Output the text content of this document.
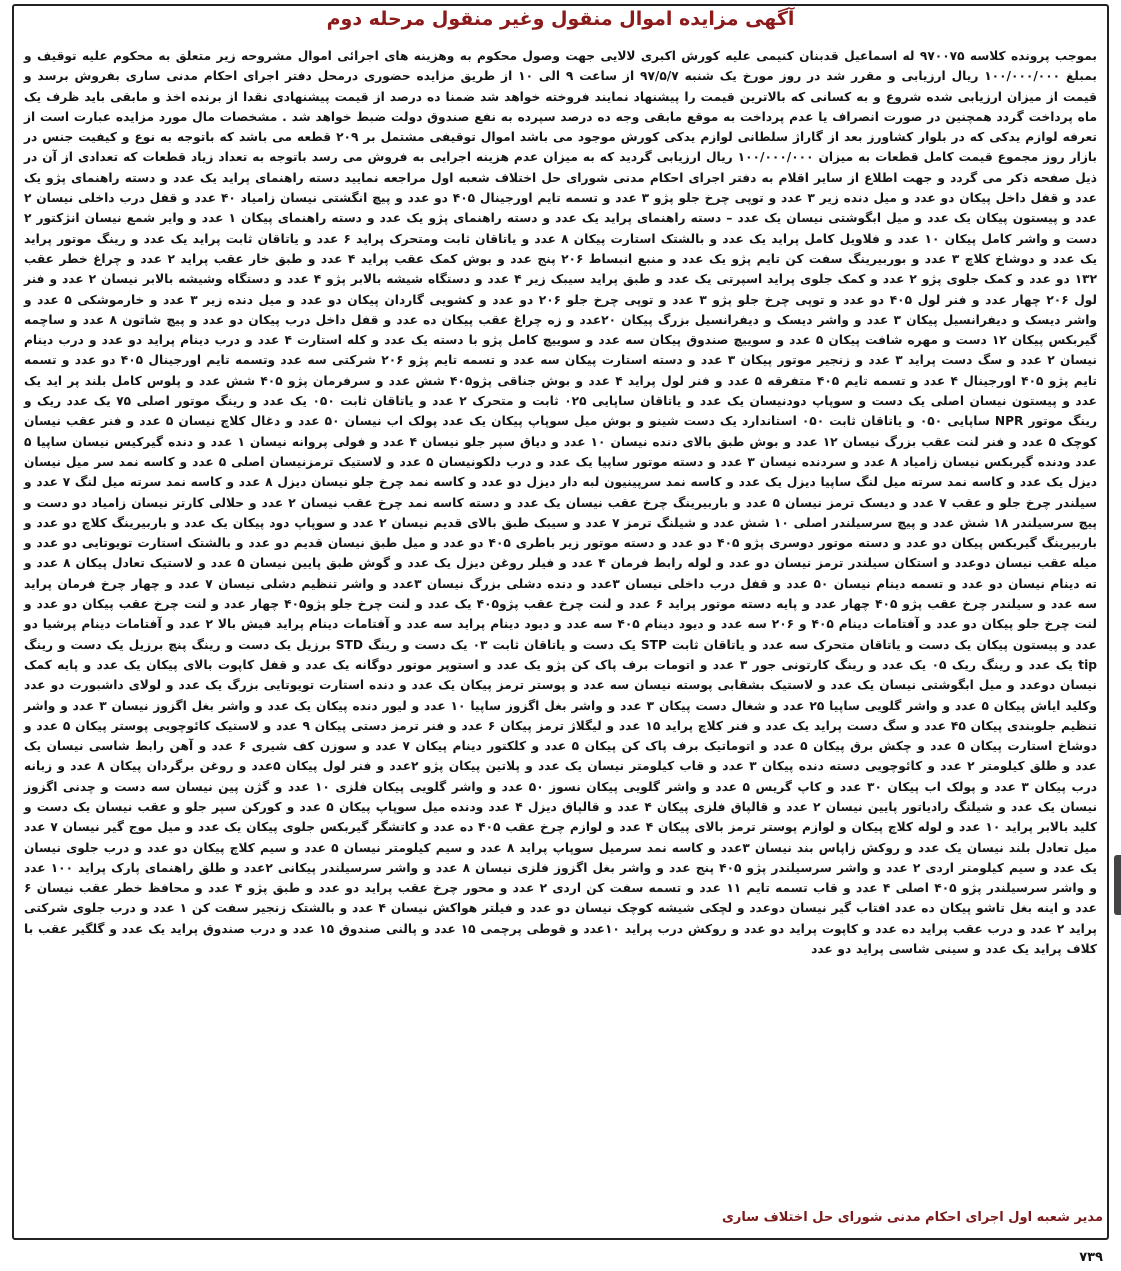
آگهی مزایده اموال منقول وغیر منقول مرحله دوم
بموجب پرونده کلاسه ۹۷۰۰۷۵ له اسماعیل قدبنان کنیمی علیه کورش اکبری لالایی جهت وصول محکوم به وهزینه های اجرائی اموال مشروحه زیر متعلق به محکوم علیه توقیف و بمبلغ ۱۰۰/۰۰۰/۰۰۰ ریال ارزیابی و مقرر شد در روز مورخ یک شنبه ۹۷/۵/۷ از ساعت ۹ الی ۱۰ از طریق مزایده حضوری درمحل دفتر اجرای احکام مدنی ساری بفروش برسد و قیمت از میزان ارزیابی شده شروع و به کسانی که بالاترین قیمت را پیشنهاد نمایند فروخته خواهد شد ضمنا ده درصد از قیمت پیشنهادی نقدا از برنده اخذ و مابقی باید ظرف یک ماه پرداخت گردد همچنین در صورت انصراف یا عدم پرداخت به موقع مابقی وجه ده درصد سپرده به نفع صندوق دولت ضبط خواهد شد . مشخصات مال مورد مزایده عبارت است از تعرفه لوازم یدکی که در بلوار کشاورز بعد از گاراژ سلطانی لوازم یدکی کورش موجود می باشد اموال توقیفی مشتمل بر ۲۰۹ قطعه می باشد که باتوجه به نوع و کیفیت جنس در بازار روز مجموع قیمت کامل قطعات به میزان ۱۰۰/۰۰۰/۰۰۰ ریال ارزیابی گردید که به میزان عدم هزینه اجرایی به فروش می رسد باتوجه به تعداد زیاد قطعات که تعدادی از آن در ذیل صفحه ذکر می گردد و جهت اطلاع از سایر اقلام به دفتر اجرای احکام مدنی شورای حل اختلاف شعبه اول مراجعه نمایید دسته راهنمای پراید یک عدد و دسته راهنمای پژو یک عدد و قفل داخل پیکان دو عدد و میل دنده زیر ۳ عدد و توپی چرخ جلو پژو ۳ عدد و تسمه تایم اورجینال ۴۰۵ دو عدد و پیچ انگشتی نیسان زامیاد ۴۰ عدد و قفل درب داخلی نیسان ۲ عدد و پیستون پیکان یک عدد و میل ابگوشتی نیسان یک عدد – دسته راهنمای پراید یک عدد و دسته راهنمای پژو یک عدد و دسته راهنمای پیکان ۱ عدد و وایر شمع نیسان انژکتور ۲ دست و واشر کامل پیکان ۱۰ عدد و فلاویل کامل پراید یک عدد و بالشتک استارت پیکان ۸ عدد و یاتاقان ثابت ومتحرک پراید ۶ عدد و یاتاقان ثابت پراید یک عدد و رینگ موتور پراید یک عدد و دوشاخ کلاچ ۳ عدد و بوربیرینگ سفت کن تایم پژو یک عدد و منبع انبساط ۲۰۶ پنج عدد و بوش کمک عقب پراید ۴ عدد و طبق خار عقب پراید ۲ عدد و چراغ خطر عقب ۱۳۲ دو عدد و کمک جلوی پژو ۲ عدد و کمک جلوی پراید اسپرتی یک عدد و طبق پراید سیبک زیر ۴ عدد و دستگاه شیشه بالابر پژو ۴ عدد و دستگاه وشیشه بالابر نیسان ۲ عدد و فنر لول ۲۰۶ چهار عدد و فنر لول ۴۰۵ دو عدد و توپی چرخ جلو پژو ۳ عدد و توپی چرخ جلو ۲۰۶ دو عدد و کشویی گاردان پیکان دو عدد و میل دنده زیر ۳ عدد و خارموشکی ۵ عدد و واشر دیسک و دیفرانسیل پیکان ۳ عدد و واشر دیسک و دیفرانسیل بزرگ پیکان ۲۰عدد و زه چراغ عقب پیکان ده عدد و قفل داخل درب پیکان دو عدد و پیچ شاتون ۸ عدد و ساچمه گیربکس پیکان ۱۲ دست و مهره شافت پیکان ۵ عدد و سوییچ صندوق پیکان سه عدد و سوییچ کامل پژو با دسته یک عدد و کله استارت ۴ عدد و درب دینام پراید دو عدد و درب دینام نیسان ۲ عدد و سگ دست پراید ۳ عدد و زنجیر موتور پیکان ۳ عدد و دسته استارت پیکان سه عدد و تسمه تایم پژو ۲۰۶ شرکتی سه عدد وتسمه تایم اورجینال ۴۰۵ دو عدد و تسمه تایم پژو ۴۰۵ اورجینال ۴ عدد و تسمه تایم ۴۰۵ متفرقه ۵ عدد و فنر لول پراید ۴ عدد و بوش جناقی پژو۴۰۵ شش عدد و سرفرمان پژو ۴۰۵ شش عدد و پلوس کامل بلند پر اید یک عدد و پیستون نیسان اصلی یک دست و سوپاپ دودنیسان یک عدد و یاتاقان ساپایی ۰۲۵ ثابت و متحرک ۲ عدد و یاتاقان ثابت ۰۵۰ یک عدد و رینگ موتور اصلی ۷۵ یک عدد ریک و رینگ موتور NPR ساپایی ۰۵۰ و یاتاقان ثابت ۰۵۰ استاندارد یک دست شینو و بوش میل سوپاپ پیکان یک عدد پولک اب نیسان ۵۰ عدد و دغال کلاچ نیسان ۵ عدد و فنر عقب نیسان کوچک ۵ عدد و فنر لنت عقب بزرگ نیسان ۱۲ عدد و بوش طبق بالای دنده نیسان ۱۰ عدد و دیاق سپر جلو نیسان ۴ عدد و فولی پروانه نیسان ۱ عدد و دنده گیرکیس نیسان ساپیا ۵ عدد ودنده گیربکس نیسان زامیاد ۸ عدد و سردنده نیسان ۳ عدد و دسته موتور ساپیا یک عدد و درب دلکونیسان ۵ عدد و لاستیک ترمزنیسان اصلی ۵ عدد و کاسه نمد سر میل نیسان دیزل یک عدد و کاسه نمد سرته میل لنگ ساپیا دیزل یک عدد و کاسه نمد سرپینیون لبه دار دیزل دو عدد و کاسه نمد چرخ جلو نیسان دیزل ۸ عدد و کاسه نمد سرته میل لنگ ۷ عدد و سیلندر چرخ جلو و عقب ۷ عدد و دیسک ترمز نیسان ۵ عدد و باربیرینگ چرخ عقب نیسان یک عدد و دسته کاسه نمد چرخ عقب نیسان ۲ عدد و حلالی کارتر نیسان زامیاد دو دست و پیچ سرسیلندر ۱۸ شش عدد و پیچ سرسیلندر اصلی ۱۰ شش عدد و شیلنگ ترمز ۷ عدد و سیبک طبق بالای قدیم نیسان ۲ عدد و سوپاپ دود پیکان یک عدد و باربیرینگ کلاچ دو عدد و باربیرینگ گیربکس پیکان دو عدد و دسته موتور دوسری پژو ۴۰۵ دو عدد و دسته موتور زیر باطری ۴۰۵ دو عدد و میل طبق نیسان قدیم دو عدد و بالشتک استارت تویوتایی دو عدد و میله عقب نیسان دوعدد و استکان سیلندر ترمز نیسان دو عدد و لوله رابط فرمان ۴ عدد و فیلر روغن دیزل یک عدد و گوش طبق پایین نیسان ۵ عدد و لاستیک تعادل پیکان ۸ عدد و ته دینام نیسان دو عدد و تسمه دینام نیسان ۵۰ عدد و قفل درب داخلی نیسان ۳عدد و دنده دشلی بزرگ نیسان ۳عدد و واشر تنظیم دشلی نیسان ۷ عدد و چهار چرخ فرمان پراید سه عدد و سیلندر چرخ عقب پژو ۴۰۵ چهار عدد و پایه دسته موتور پراید ۶ عدد و لنت چرخ عقب پژو۴۰۵ یک عدد و لنت چرخ جلو پژو۴۰۵ چهار عدد و لنت چرخ عقب پیکان دو عدد و لنت چرخ جلو پیکان دو عدد و آفتامات دینام ۴۰۵ و ۲۰۶ سه عدد و دیود دینام ۴۰۵ سه عدد و دیود دینام پراید سه عدد و آفتامات دینام پراید فیش بالا ۲ عدد و آفتامات دینام پرشیا دو عدد و پیستون پیکان یک دست و یاتاقان متحرک سه عدد و یاتاقان ثابت STP یک دست و یاتاقان ثابت ۰۳ یک دست و رینگ STD برزیل یک دست و رینگ پنچ برزیل یک دست و رینگ tip یک عدد و رینگ ریک ۰۵ یک عدد و رینگ کارتونی جور ۳ عدد و اتومات برف پاک کن پژو یک عدد و استوپر موتور دوگانه یک عدد و قفل کاپوت بالای پیکان یک عدد و پایه کمک نیسان دوعدد و میل ابگوشتی نیسان یک عدد و لاستیک بشقابی پوسته نیسان سه عدد و پوستر ترمز پیکان یک عدد و دنده استارت تویوتایی بزرگ یک عدد و لولای داشبورت دو عدد وکلید ایاش پیکان ۵ عدد و واشر گلویی ساپیا ۲۵ عدد و شغال دست پیکان ۳ عدد و واشر بغل اگزوز ساپیا ۱۰ عدد و لیور دنده پیکان یک عدد و واشر بغل اگزوز نیسان ۳ عدد و واشر تنظیم جلوبندی پیکان ۴۵ عدد و سگ دست پراید یک عدد و فنر کلاچ پراید ۱۵ عدد و لیگلاژ ترمز پیکان ۶ عدد و فنر ترمز دستی پیکان ۹ عدد و لاستیک کائوچویی پوستر پیکان ۵ عدد و دوشاخ استارت پیکان ۵ عدد و چکش برق پیکان ۵ عدد و اتوماتیک برف پاک کن پیکان ۵ عدد و کلکتور دینام پیکان ۷ عدد و سوزن کف شیری ۶ عدد و آهن رابط شاسی نیسان یک عدد و طلق کیلومتر ۲ عدد و کائوچویی دسته دنده پیکان ۳ عدد و قاب کیلومتر نیسان یک عدد و پلاتین پیکان پژو ۲عدد و فنر لول پیکان ۵عدد و روغن برگردان پیکان ۸ عدد و زبانه درب پیکان ۳ عدد و پولک اب پیکان ۳۰ عدد و کاپ گریس ۵ عدد و واشر گلویی پیکان نسوز ۵۰ عدد و واشر گلویی پیکان فلزی ۱۰ عدد و گژن پین نیسان سه دست و چدنی اگزوز نیسان یک عدد و شیلنگ رادیاتور پایین نیسان ۲ عدد و قالپاق فلزی پیکان ۴ عدد و قالپاق دیزل ۴ عدد ودنده میل سوپاپ پیکان ۵ عدد و کورکن سپر جلو و عقب نیسان یک دست و کلید بالابر پراید ۱۰ عدد و لوله کلاچ پیکان و لوازم پوستر ترمز بالای پیکان ۴ عدد و لوازم چرخ عقب ۴۰۵ ده عدد و کاتشگر گیربکس جلوی پیکان یک عدد و میل موج گیر نیسان ۷ عدد میل تعادل بلند نیسان یک عدد و روکش زاپاس بند نیسان ۳عدد و کاسه نمد سرمیل سوپاپ پراید ۸ عدد و سیم کیلومتر نیسان ۵ عدد و سیم کلاچ پیکان دو عدد و درب جلوی نیسان یک عدد و سیم کیلومتر اردی ۲ عدد و واشر سرسیلندر پژو ۴۰۵ پنج عدد و واشر بغل اگزوز فلزی نیسان ۸ عدد و واشر سرسیلندر پیکانی ۲عدد و طلق راهنمای پارک پراید ۱۰۰ عدد و واشر سرسیلندر پژو ۴۰۵ اصلی ۴ عدد و قاب تسمه تایم ۱۱ عدد و تسمه سفت کن اردی ۲ عدد و محور چرخ عقب پراید دو عدد و طبق پژو ۴ عدد و محافظ خطر عقب نیسان ۶ عدد و اینه بغل تاشو پیکان ده عدد افتاب گیر نیسان دوعدد و لچکی شیشه کوچک نیسان دو عدد و فیلتر هواکش نیسان ۴ عدد و بالشتک زنجیر سفت کن ۱ عدد و درب جلوی شرکتی پراید ۲ عدد و درب عقب پراید ده عدد و کاپوت پراید دو عدد و روکش درب پراید ۱۰عدد و قوطی پرچمی ۱۵ عدد و پالنی صندوق ۱۵ عدد و درب صندوق پراید یک عدد و گلگیر عقب با کلاف پراید یک عدد و سینی شاسی پراید دو عدد
مدیر شعبه اول اجرای احکام مدنی شورای حل اختلاف ساری
۷۳۹
